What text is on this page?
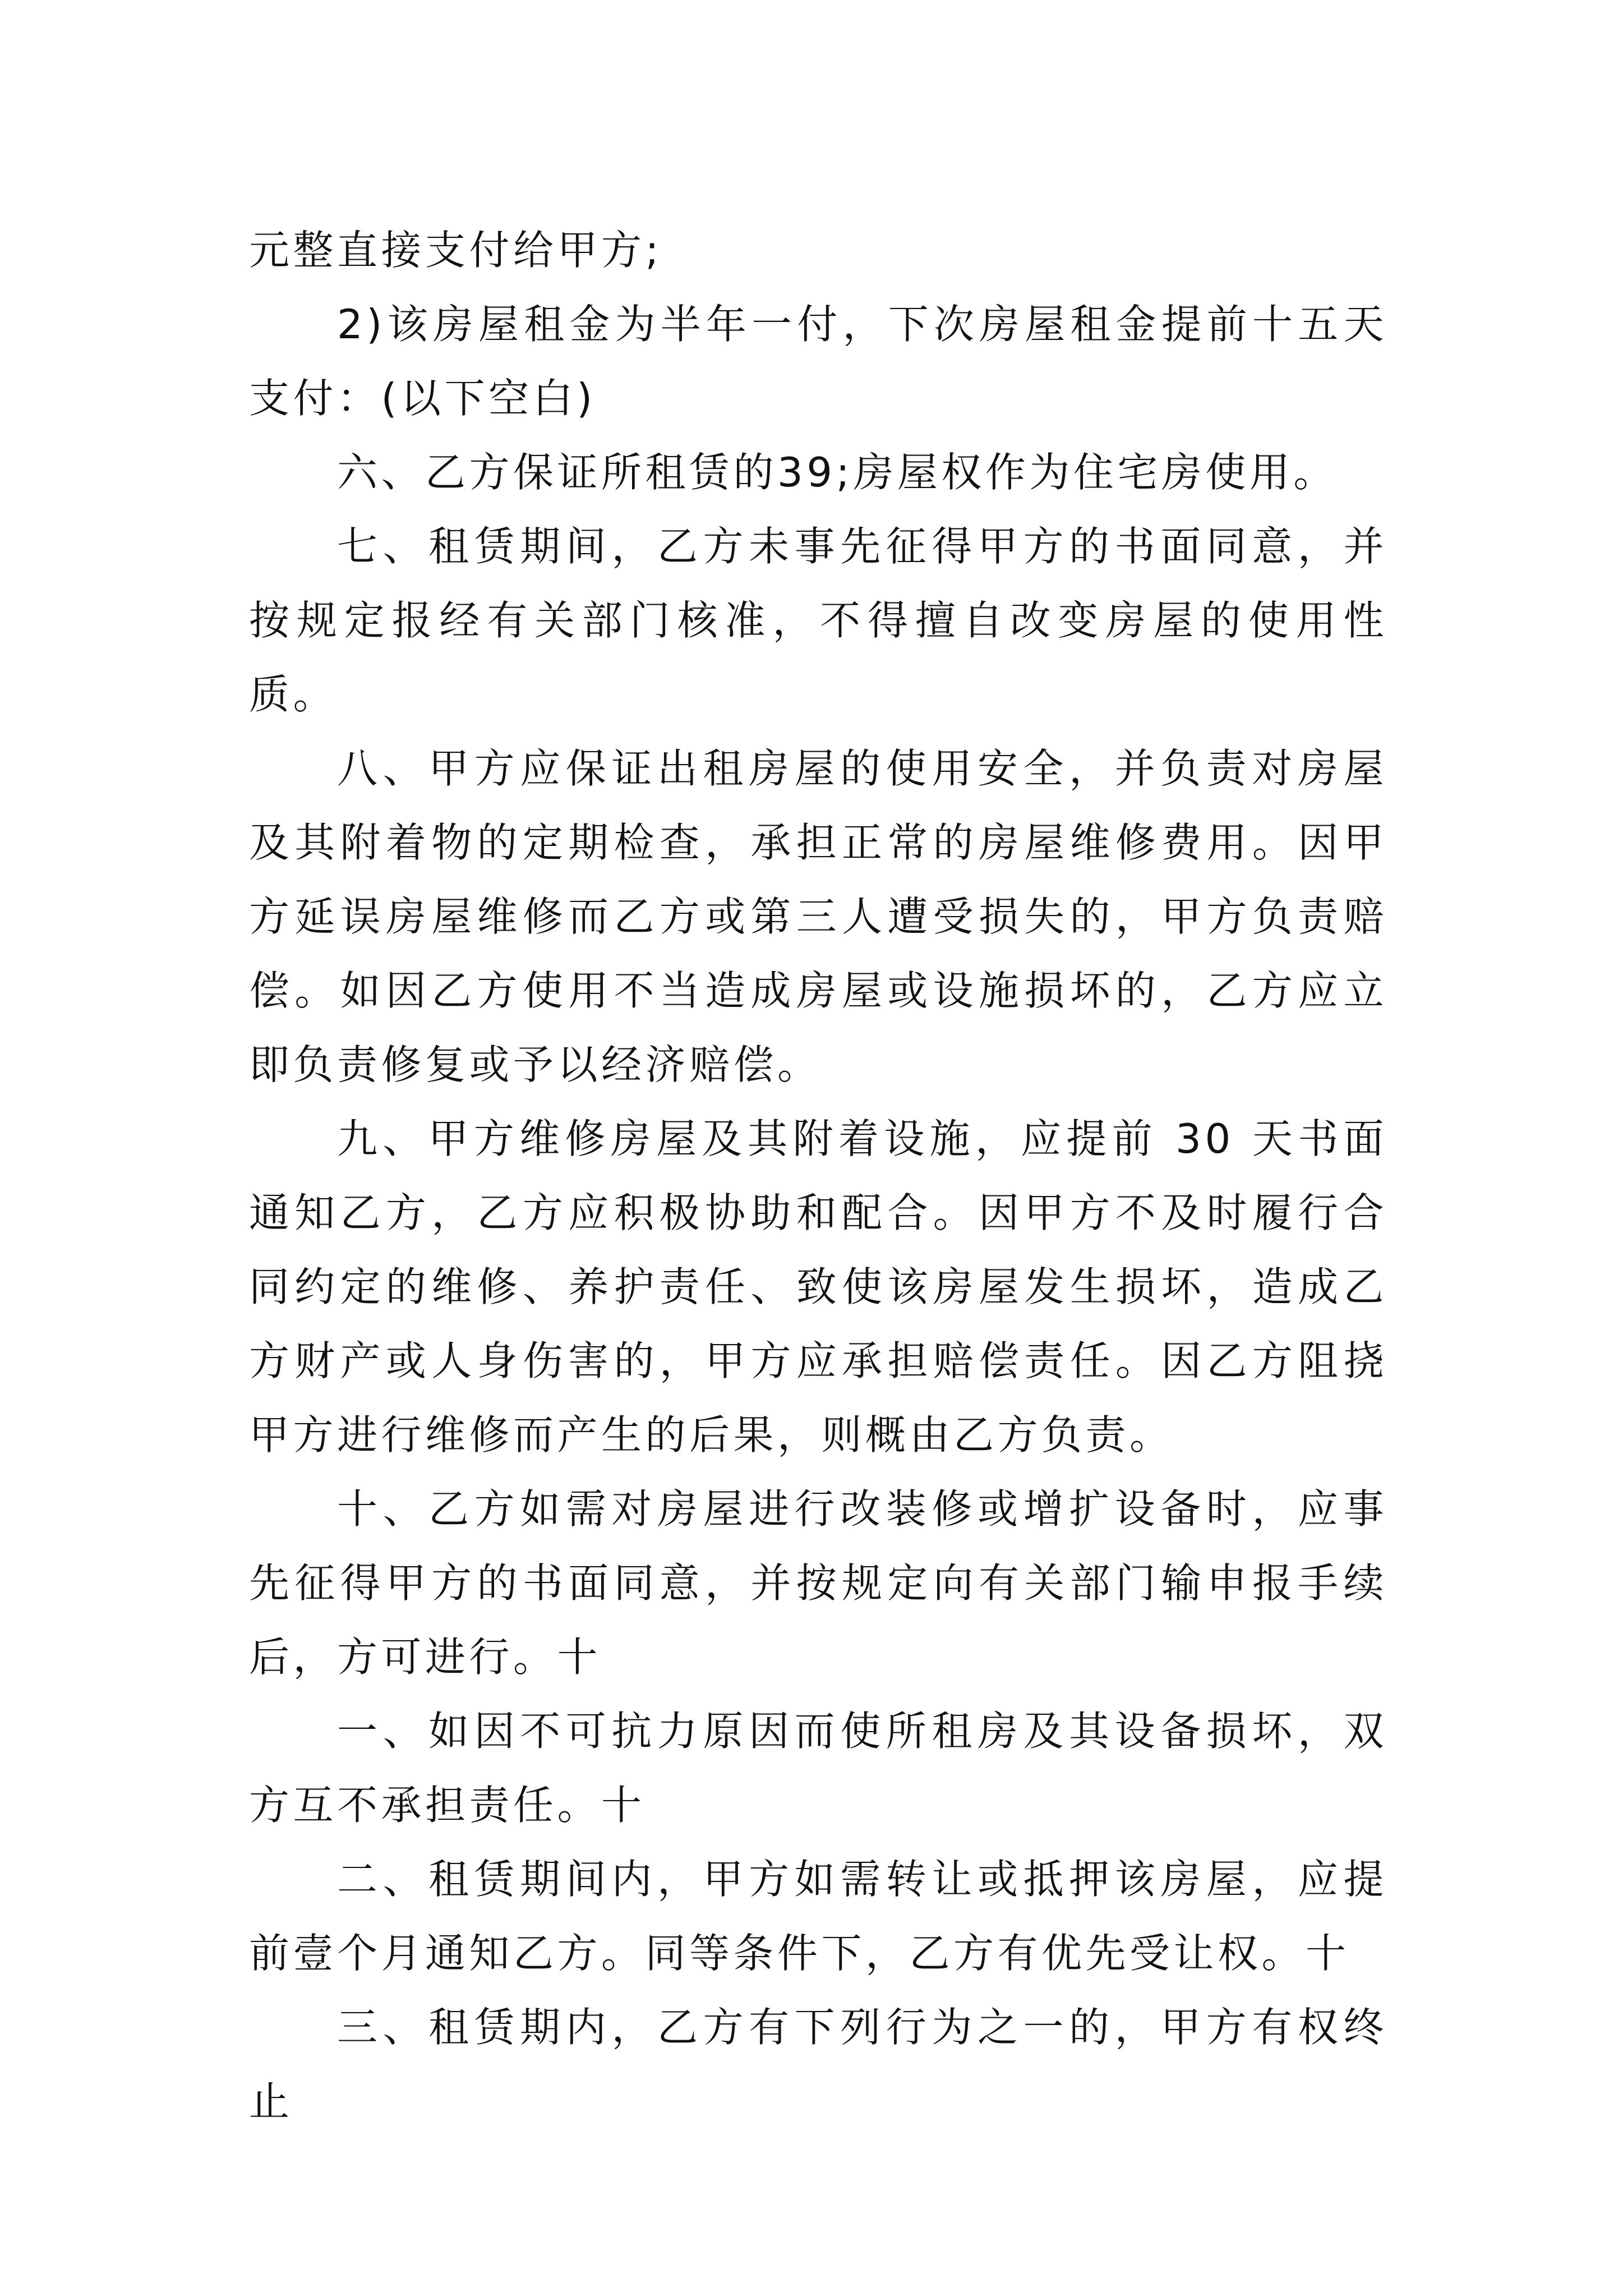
元整直接支付给甲方;

2)该房屋租金为半年一付，下次房屋租金提前十五天支付：(以下空白)

六、乙方保证所租赁的39;房屋权作为住宅房使用。

七、租赁期间，乙方未事先征得甲方的书面同意，并按规定报经有关部门核准，不得擅自改变房屋的使用性质。

八、甲方应保证出租房屋的使用安全，并负责对房屋及其附着物的定期检查，承担正常的房屋维修费用。因甲方延误房屋维修而乙方或第三人遭受损失的，甲方负责赔偿。如因乙方使用不当造成房屋或设施损坏的，乙方应立即负责修复或予以经济赔偿。

九、甲方维修房屋及其附着设施，应提前 30 天书面通知乙方，乙方应积极协助和配合。因甲方不及时履行合同约定的维修、养护责任、致使该房屋发生损坏，造成乙方财产或人身伤害的，甲方应承担赔偿责任。因乙方阻挠甲方进行维修而产生的后果，则概由乙方负责。

十、乙方如需对房屋进行改装修或增扩设备时，应事先征得甲方的书面同意，并按规定向有关部门输申报手续后，方可进行。十

一、如因不可抗力原因而使所租房及其设备损坏，双方互不承担责任。十

二、租赁期间内，甲方如需转让或抵押该房屋，应提前壹个月通知乙方。同等条件下，乙方有优先受让权。十

三、租赁期内，乙方有下列行为之一的，甲方有权终止
